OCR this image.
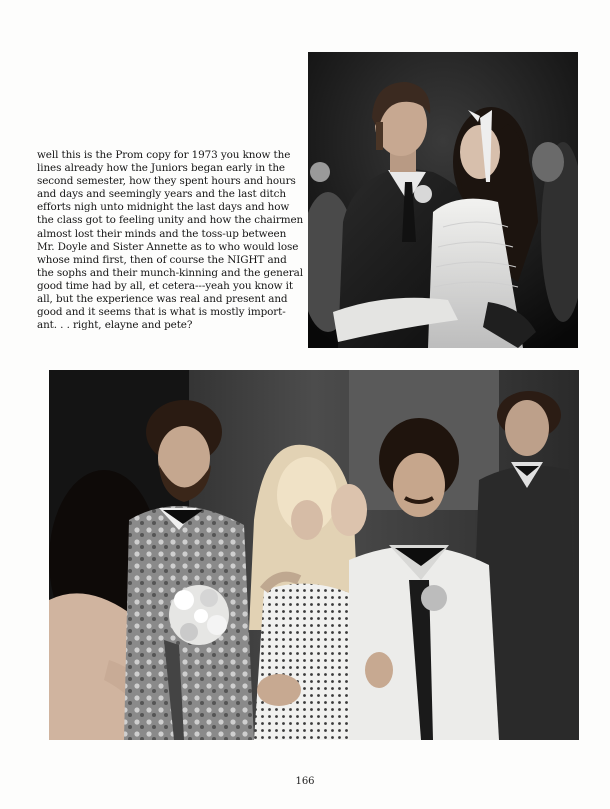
well this is the Prom copy for 1973 you know the lines already how the Juniors began early in the second semester, how they spent hours and hours and days and seemingly years and the last ditch efforts nigh unto midnight the last days and how the class got to feeling unity and how the chairmen almost lost their minds and the toss-up between Mr. Doyle and Sister Annette as to who would lose whose mind first, then of course the NIGHT and the sophs and their munch-kinning and the general good time had by all, et cetera---yeah you know it all, but the experience was real and present and good and it seems that is what is mostly import-ant. . . right, elayne and pete?

166
